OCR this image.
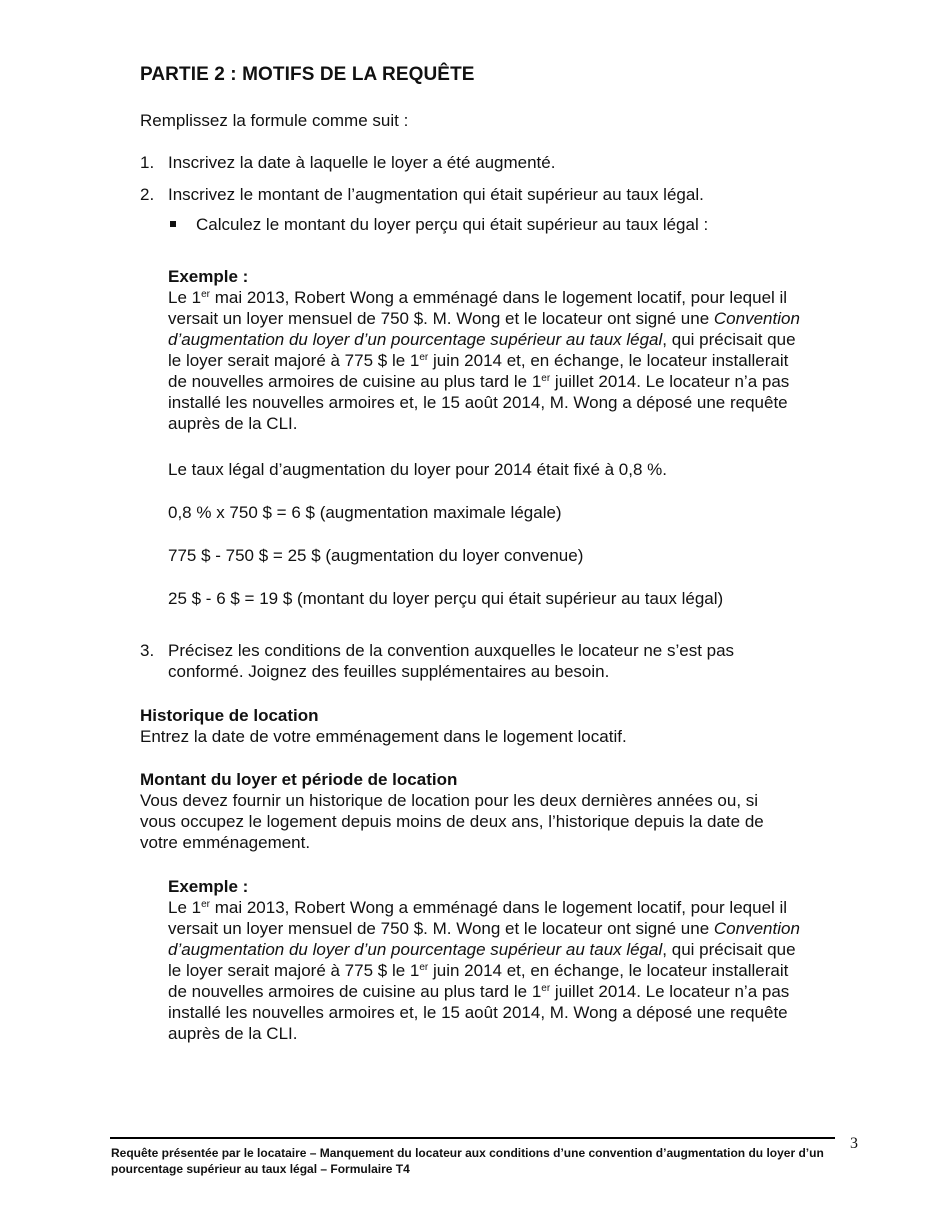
PARTIE 2 : MOTIFS DE LA REQUÊTE
Remplissez la formule comme suit :
1. Inscrivez la date à laquelle le loyer a été augmenté.
2. Inscrivez le montant de l’augmentation qui était supérieur au taux légal.
Calculez le montant du loyer perçu qui était supérieur au taux légal :
Exemple :
Le 1er mai 2013, Robert Wong a emménagé dans le logement locatif, pour lequel il
versait un loyer mensuel de 750 $. M. Wong et le locateur ont signé une Convention
d’augmentation du loyer d’un pourcentage supérieur au taux légal, qui précisait que
le loyer serait majoré à 775 $ le 1er juin 2014 et, en échange, le locateur installerait
de nouvelles armoires de cuisine au plus tard le 1er juillet 2014. Le locateur n’a pas
installé les nouvelles armoires et, le 15 août 2014, M. Wong a déposé une requête
auprès de la CLI.
Le taux légal d’augmentation du loyer pour 2014 était fixé à 0,8 %.
0,8 % x 750 $ = 6 $ (augmentation maximale légale)
775 $ - 750 $ = 25 $ (augmentation du loyer convenue)
25 $ - 6 $ = 19 $ (montant du loyer perçu qui était supérieur au taux légal)
3. Précisez les conditions de la convention auxquelles le locateur ne s’est pas
conformé. Joignez des feuilles supplémentaires au besoin.
Historique de location
Entrez la date de votre emménagement dans le logement locatif.
Montant du loyer et période de location
Vous devez fournir un historique de location pour les deux dernières années ou, si
vous occupez le logement depuis moins de deux ans, l’historique depuis la date de
votre emménagement.
Exemple :
Le 1er mai 2013, Robert Wong a emménagé dans le logement locatif, pour lequel il
versait un loyer mensuel de 750 $. M. Wong et le locateur ont signé une Convention
d’augmentation du loyer d’un pourcentage supérieur au taux légal, qui précisait que
le loyer serait majoré à 775 $ le 1er juin 2014 et, en échange, le locateur installerait
de nouvelles armoires de cuisine au plus tard le 1er juillet 2014. Le locateur n’a pas
installé les nouvelles armoires et, le 15 août 2014, M. Wong a déposé une requête
auprès de la CLI.
3
Requête présentée par le locataire – Manquement du locateur aux conditions d’une convention d’augmentation du loyer d’un
pourcentage supérieur au taux légal – Formulaire T4
